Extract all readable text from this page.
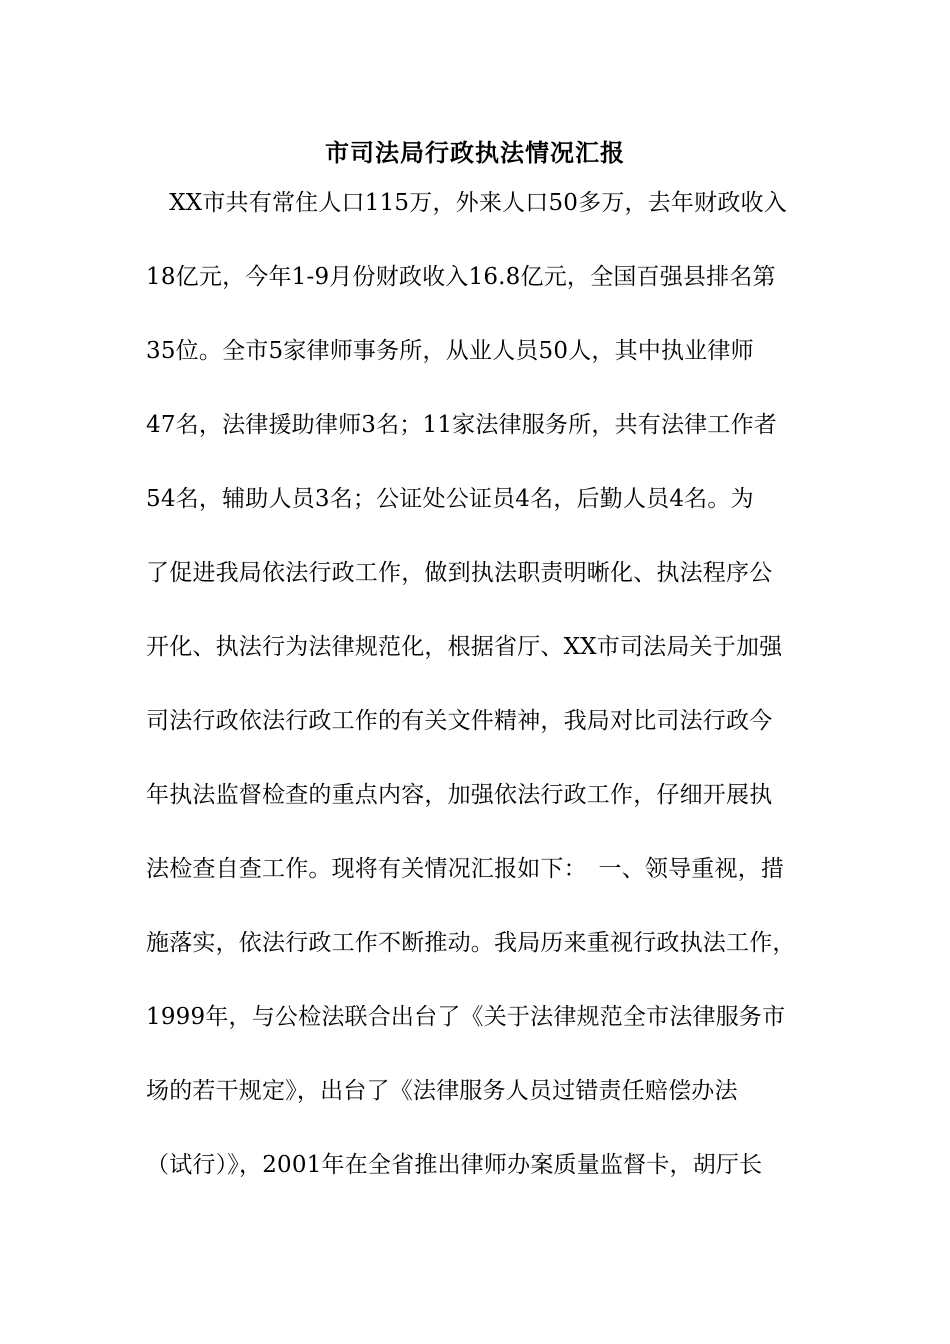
市司法局行政执法情况汇报
　XX市共有常住人口115万，外来人口50多万，去年财政收入
18亿元，今年1-9月份财政收入16.8亿元，全国百强县排名第
35位。全市5家律师事务所，从业人员50人，其中执业律师
47名，法律援助律师3名；11家法律服务所，共有法律工作者
54名，辅助人员3名；公证处公证员4名，后勤人员4名。为
了促进我局依法行政工作，做到执法职责明晰化、执法程序公
开化、执法行为法律规范化，根据省厅、XX市司法局关于加强
司法行政依法行政工作的有关文件精神，我局对比司法行政今
年执法监督检查的重点内容，加强依法行政工作，仔细开展执
法检查自查工作。现将有关情况汇报如下：　一、领导重视，措
施落实，依法行政工作不断推动。我局历来重视行政执法工作，
1999年，与公检法联合出台了《关于法律规范全市法律服务市
场的若干规定》，出台了《法律服务人员过错责任赔偿办法
（试行）》，2001年在全省推出律师办案质量监督卡，胡厅长
